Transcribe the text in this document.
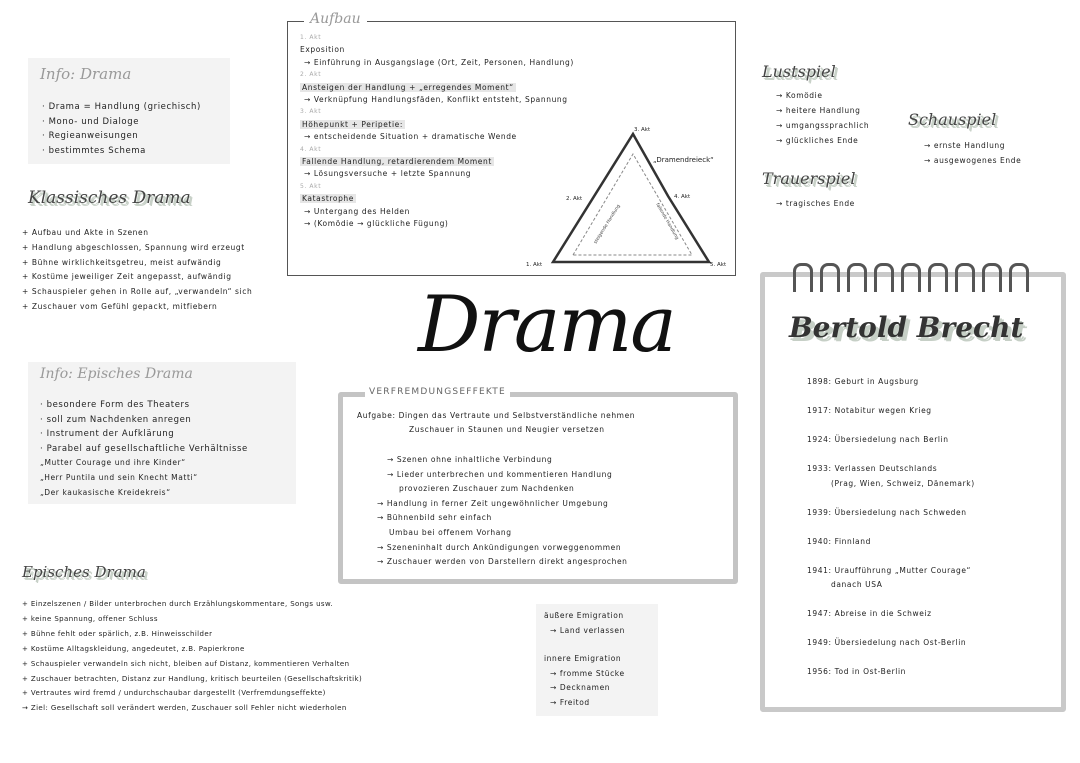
Drama
Info: Drama
· Drama = Handlung (griechisch)
· Mono- und Dialoge
· Regieanweisungen
· bestimmtes Schema
Klassisches Drama
+ Aufbau und Akte in Szenen
+ Handlung abgeschlossen, Spannung wird erzeugt
+ Bühne wirklichkeitsgetreu, meist aufwändig
+ Kostüme jeweiliger Zeit angepasst, aufwändig
+ Schauspieler gehen in Rolle auf, „verwandeln“ sich
+ Zuschauer vom Gefühl gepackt, mitfiebern
Aufbau
1. Akt
Exposition
→ Einführung in Ausgangslage (Ort, Zeit, Personen, Handlung)
2. Akt
Ansteigen der Handlung + „erregendes Moment“
→ Verknüpfung Handlungsfäden, Konflikt entsteht, Spannung
3. Akt
Höhepunkt + Peripetie:
→ entscheidende Situation + dramatische Wende
4. Akt
Fallende Handlung, retardierendem Moment
→ Lösungsversuche + letzte Spannung
5. Akt
Katastrophe
→ Untergang des Helden
→ (Komödie → glückliche Fügung)
„Dramendreieck“
1. Akt
2. Akt
3. Akt
4. Akt
5. Akt
steigende Handlung	fallende Handlung
Lustspiel
→ Komödie
→ heitere Handlung
→ umgangssprachlich
→ glückliches Ende
Schauspiel
→ ernste Handlung
→ ausgewogenes Ende
Trauerspiel
→ tragisches Ende
Info: Episches Drama
· besondere Form des Theaters
· soll zum Nachdenken anregen
· Instrument der Aufklärung
· Parabel auf gesellschaftliche Verhältnisse
„Mutter Courage und ihre Kinder“
„Herr Puntila und sein Knecht Matti“
„Der kaukasische Kreidekreis“
VERFREMDUNGSEFFEKTE
Aufgabe: Dingen das Vertraute und Selbstverständliche nehmen
Zuschauer in Staunen und Neugier versetzen
→ Szenen ohne inhaltliche Verbindung
→ Lieder unterbrechen und kommentieren Handlung
provozieren Zuschauer zum Nachdenken
→ Handlung in ferner Zeit ungewöhnlicher Umgebung
→ Bühnenbild sehr einfach
Umbau bei offenem Vorhang
→ Szeneninhalt durch Ankündigungen vorweggenommen
→ Zuschauer werden von Darstellern direkt angesprochen
Episches Drama
+ Einzelszenen / Bilder unterbrochen durch Erzählungskommentare, Songs usw.
+ keine Spannung, offener Schluss
+ Bühne fehlt oder spärlich, z.B. Hinweisschilder
+ Kostüme Alltagskleidung, angedeutet, z.B. Papierkrone
+ Schauspieler verwandeln sich nicht, bleiben auf Distanz, kommentieren Verhalten
+ Zuschauer betrachten, Distanz zur Handlung, kritisch beurteilen (Gesellschaftskritik)
+ Vertrautes wird fremd / undurchschaubar dargestellt (Verfremdungseffekte)
→ Ziel: Gesellschaft soll verändert werden, Zuschauer soll Fehler nicht wiederholen
äußere Emigration
→ Land verlassen
innere Emigration
→ fromme Stücke
→ Decknamen
→ Freitod
Bertold Brecht
1898: Geburt in Augsburg
1917: Notabitur wegen Krieg
1924: Übersiedelung nach Berlin
1933: Verlassen Deutschlands
(Prag, Wien, Schweiz, Dänemark)
1939: Übersiedelung nach Schweden
1940: Finnland
1941: Uraufführung „Mutter Courage“
danach USA
1947: Abreise in die Schweiz
1949: Übersiedelung nach Ost-Berlin
1956: Tod in Ost-Berlin
